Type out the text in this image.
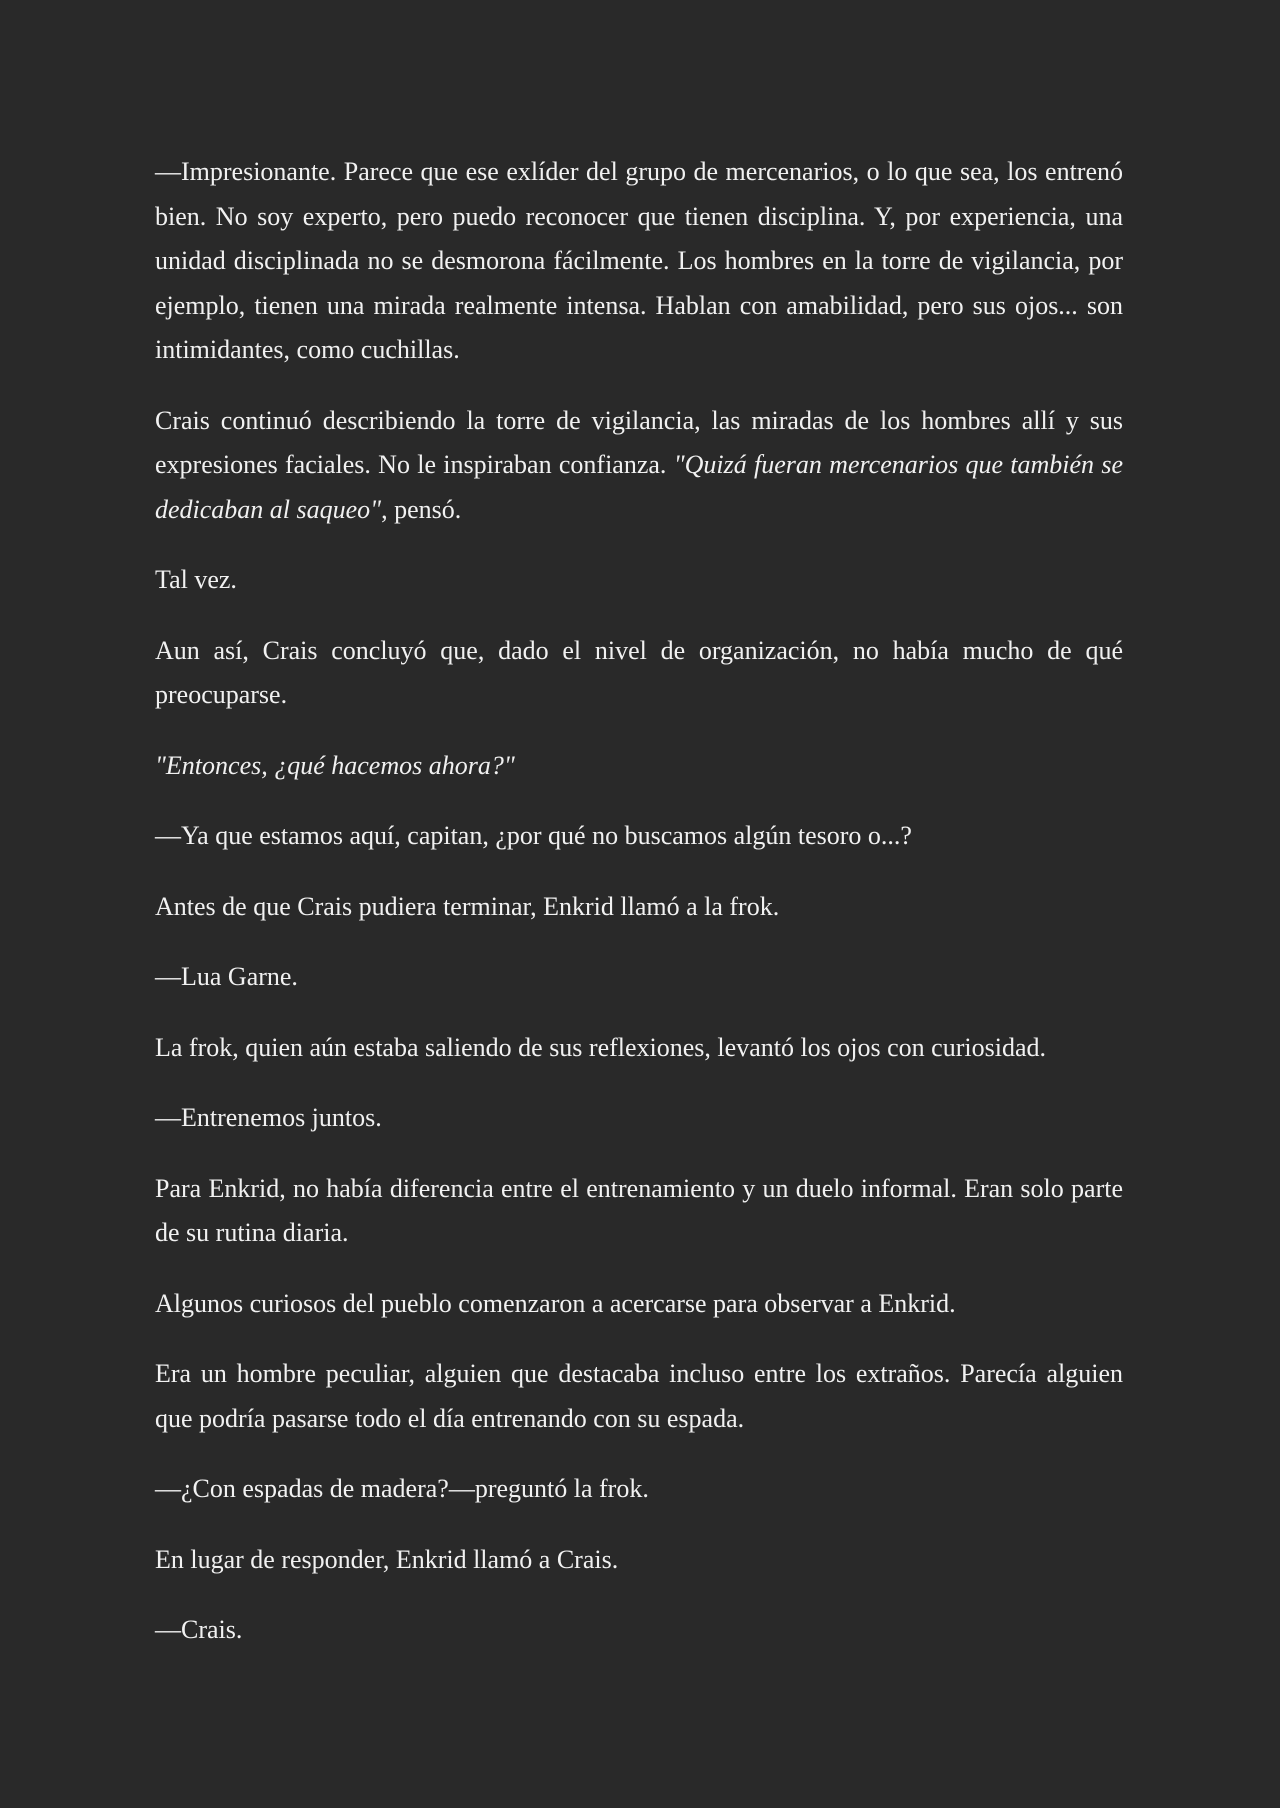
—Impresionante. Parece que ese exlíder del grupo de mercenarios, o lo que sea, los entrenó bien. No soy experto, pero puedo reconocer que tienen disciplina. Y, por experiencia, una unidad disciplinada no se desmorona fácilmente. Los hombres en la torre de vigilancia, por ejemplo, tienen una mirada realmente intensa. Hablan con amabilidad, pero sus ojos... son intimidantes, como cuchillas.

Crais continuó describiendo la torre de vigilancia, las miradas de los hombres allí y sus expresiones faciales. No le inspiraban confianza. "Quizá fueran mercenarios que también se dedicaban al saqueo", pensó.

Tal vez.

Aun así, Crais concluyó que, dado el nivel de organización, no había mucho de qué preocuparse.

"Entonces, ¿qué hacemos ahora?"

—Ya que estamos aquí, capitan, ¿por qué no buscamos algún tesoro o...?

Antes de que Crais pudiera terminar, Enkrid llamó a la frok.

—Lua Garne.

La frok, quien aún estaba saliendo de sus reflexiones, levantó los ojos con curiosidad.

—Entrenemos juntos.

Para Enkrid, no había diferencia entre el entrenamiento y un duelo informal. Eran solo parte de su rutina diaria.

Algunos curiosos del pueblo comenzaron a acercarse para observar a Enkrid.

Era un hombre peculiar, alguien que destacaba incluso entre los extraños. Parecía alguien que podría pasarse todo el día entrenando con su espada.

—¿Con espadas de madera?—preguntó la frok.

En lugar de responder, Enkrid llamó a Crais.

—Crais.
